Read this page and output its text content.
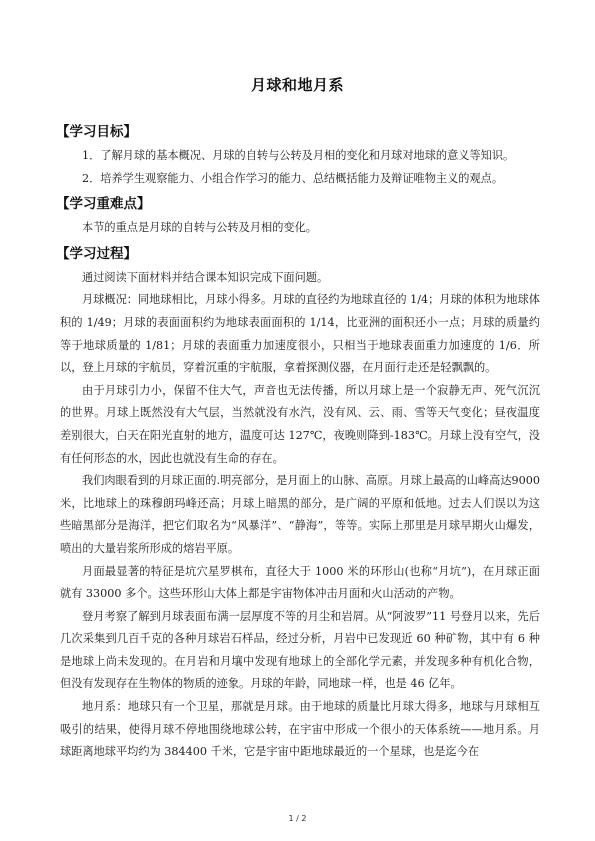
月球和地月系
【学习目标】

1．了解月球的基本概况、月球的自转与公转及月相的变化和月球对地球的意义等知识。

2．培养学生观察能力、小组合作学习的能力、总结概括能力及辩证唯物主义的观点。

【学习重难点】

本节的重点是月球的自转与公转及月相的变化。

【学习过程】

通过阅读下面材料并结合课本知识完成下面问题。

月球概况：同地球相比，月球小得多。月球的直径约为地球直径的 1/4；月球的体积为地球体积的 1/49；月球的表面面积约为地球表面面积的 1/14，比亚洲的面积还小一点；月球的质量约等于地球质量的 1/81；月球的表面重力加速度很小，只相当于地球表面重力加速度的 1/6．所以，登上月球的宇航员，穿着沉重的宇航服，拿着探测仪器，在月面行走还是轻飘飘的。

由于月球引力小，保留不住大气，声音也无法传播，所以月球上是一个寂静无声、死气沉沉的世界。月球上既然没有大气层，当然就没有水汽，没有风、云、雨、雪等天气变化；昼夜温度差别很大，白天在阳光直射的地方，温度可达 127℃，夜晚则降到-183℃。月球上没有空气，没有任何形态的水，因此也就没有生命的存在。

我们肉眼看到的月球正面的.明亮部分，是月面上的山脉、高原。月球上最高的山峰高达9000 米，比地球上的珠穆朗玛峰还高；月球上暗黑的部分，是广阔的平原和低地。过去人们误以为这些暗黑部分是海洋，把它们取名为“风暴洋”、“静海”，等等。实际上那里是月球早期火山爆发，喷出的大量岩浆所形成的熔岩平原。

月面最显著的特征是坑穴星罗棋布，直径大于 1000 米的环形山(也称“月坑”)，在月球正面就有 33000 多个。这些环形山大体上都是宇宙物体冲击月面和火山活动的产物。

登月考察了解到月球表面布满一层厚度不等的月尘和岩屑。从“阿波罗”11 号登月以来，先后几次采集到几百千克的各种月球岩石样品，经过分析，月岩中已发现近 60 种矿物，其中有 6 种是地球上尚未发现的。在月岩和月壤中发现有地球上的全部化学元素，并发现多种有机化合物，但没有发现存在生物体的物质的迹象。月球的年龄，同地球一样，也是 46 亿年。

地月系：地球只有一个卫星，那就是月球。由于地球的质量比月球大得多，地球与月球相互吸引的结果，使得月球不停地围绕地球公转，在宇宙中形成一个很小的天体系统——地月系。月球距离地球平均约为 384400 千米，它是宇宙中距地球最近的一个星球，也是迄今在

1 / 2
